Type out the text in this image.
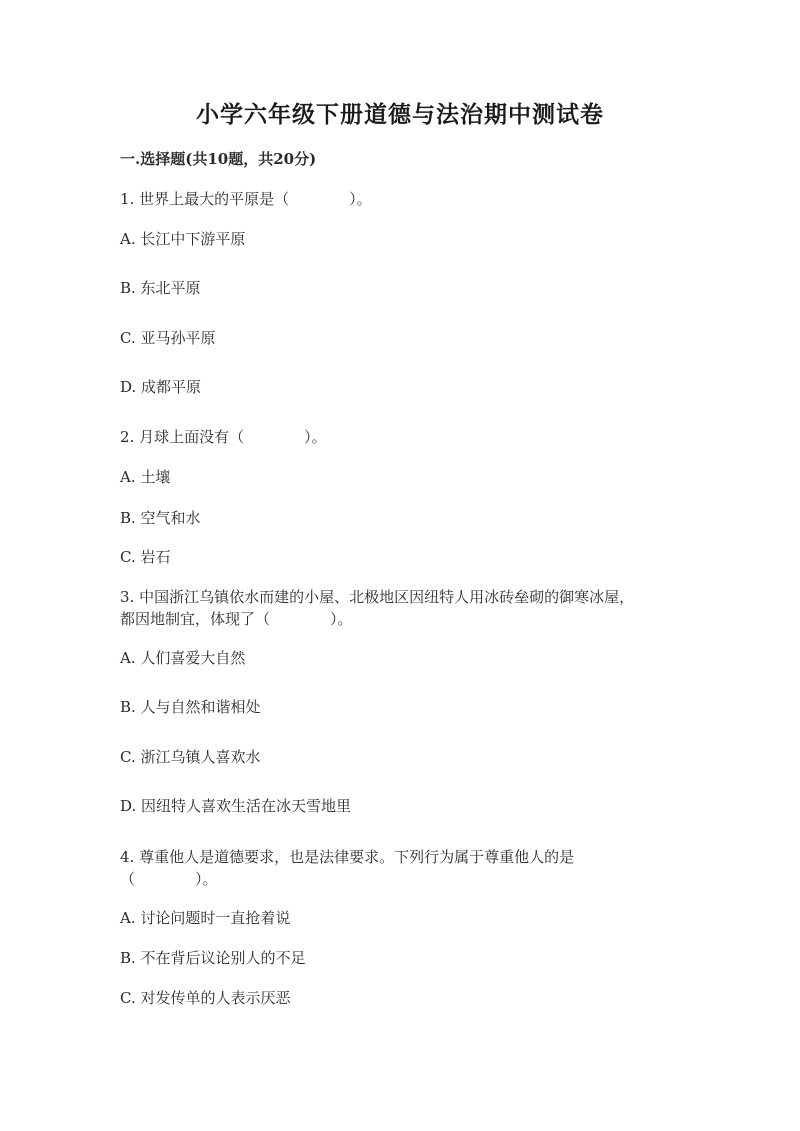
小学六年级下册道德与法治期中测试卷
一.选择题(共10题，共20分)
1. 世界上最大的平原是（　　　　）。
A. 长江中下游平原
B. 东北平原
C. 亚马孙平原
D. 成都平原
2. 月球上面没有（　　　　）。
A. 土壤
B. 空气和水
C. 岩石
3. 中国浙江乌镇依水而建的小屋、北极地区因纽特人用冰砖垒砌的御寒冰屋，
都因地制宜，体现了（　　　　）。
A. 人们喜爱大自然
B. 人与自然和谐相处
C. 浙江乌镇人喜欢水
D. 因纽特人喜欢生活在冰天雪地里
4. 尊重他人是道德要求，也是法律要求。下列行为属于尊重他人的是
（　　　　）。
A. 讨论问题时一直抢着说
B. 不在背后议论别人的不足
C. 对发传单的人表示厌恶
